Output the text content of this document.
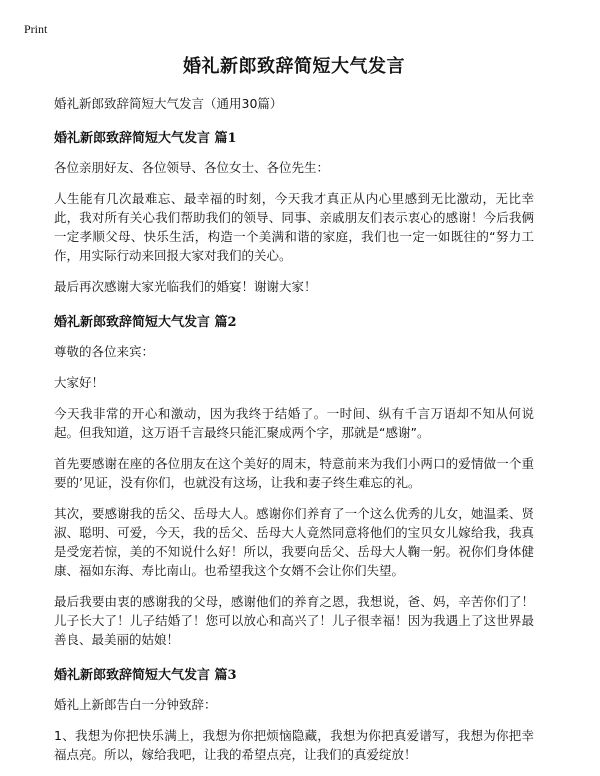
Print
婚礼新郎致辞简短大气发言
婚礼新郎致辞简短大气发言（通用30篇）
婚礼新郎致辞简短大气发言 篇1
各位亲朋好友、各位领导、各位女士、各位先生：
人生能有几次最难忘、最幸福的时刻，今天我才真正从内心里感到无比激动，无比幸此，我对所有关心我们帮助我们的领导、同事、亲戚朋友们表示衷心的感谢！今后我俩一定孝顺父母、快乐生活，构造一个美满和谐的家庭，我们也一定一如既往的“努力工作，用实际行动来回报大家对我们的关心。
最后再次感谢大家光临我们的婚宴！谢谢大家！
婚礼新郎致辞简短大气发言 篇2
尊敬的各位来宾：
大家好！
今天我非常的开心和激动，因为我终于结婚了。一时间、纵有千言万语却不知从何说起。但我知道，这万语千言最终只能汇聚成两个字，那就是“感谢”。
首先要感谢在座的各位朋友在这个美好的周末，特意前来为我们小两口的爱情做一个重要的’见证，没有你们，也就没有这场，让我和妻子终生难忘的礼。
其次，要感谢我的岳父、岳母大人。感谢你们养育了一个这么优秀的儿女，她温柔、贤淑、聪明、可爱，今天，我的岳父、岳母大人竟然同意将他们的宝贝女儿嫁给我，我真是受宠若惊，美的不知说什么好！所以，我要向岳父、岳母大人鞠一躬。祝你们身体健康、福如东海、寿比南山。也希望我这个女婿不会让你们失望。
最后我要由衷的感谢我的父母，感谢他们的养育之恩，我想说，爸、妈，辛苦你们了！儿子长大了！儿子结婚了！您可以放心和高兴了！儿子很幸福！因为我遇上了这世界最善良、最美丽的姑娘！
婚礼新郎致辞简短大气发言 篇3
婚礼上新郎告白一分钟致辞：
1、我想为你把快乐满上，我想为你把烦恼隐藏，我想为你把真爱谱写，我想为你把幸福点亮。所以，嫁给我吧，让我的希望点亮，让我们的真爱绽放！
